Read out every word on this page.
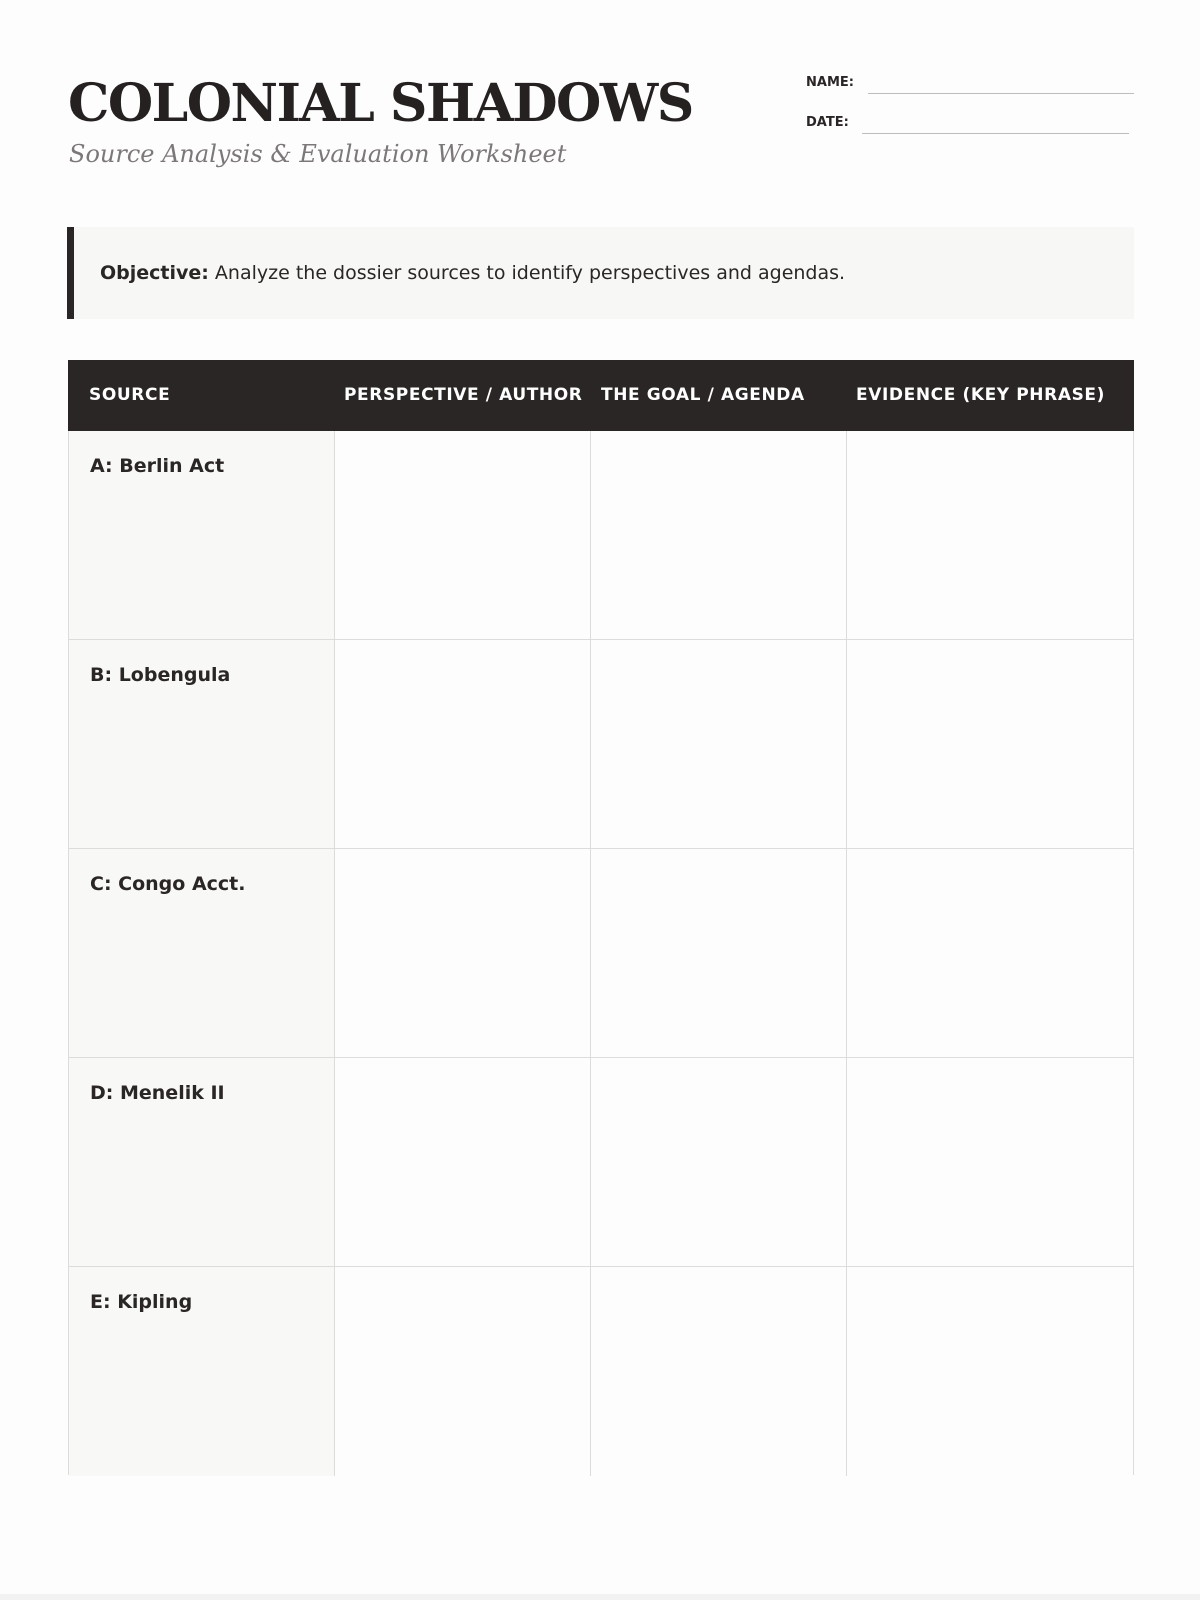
COLONIAL SHADOWS
Source Analysis & Evaluation Worksheet
NAME:
DATE:
Objective: Analyze the dossier sources to identify perspectives and agendas.
SOURCE	PERSPECTIVE / AUTHOR THE GOAL / AGENDA	EVIDENCE (KEY PHRASE)
A: Berlin Act
B: Lobengula
C: Congo Acct.
D: Menelik II
E: Kipling
